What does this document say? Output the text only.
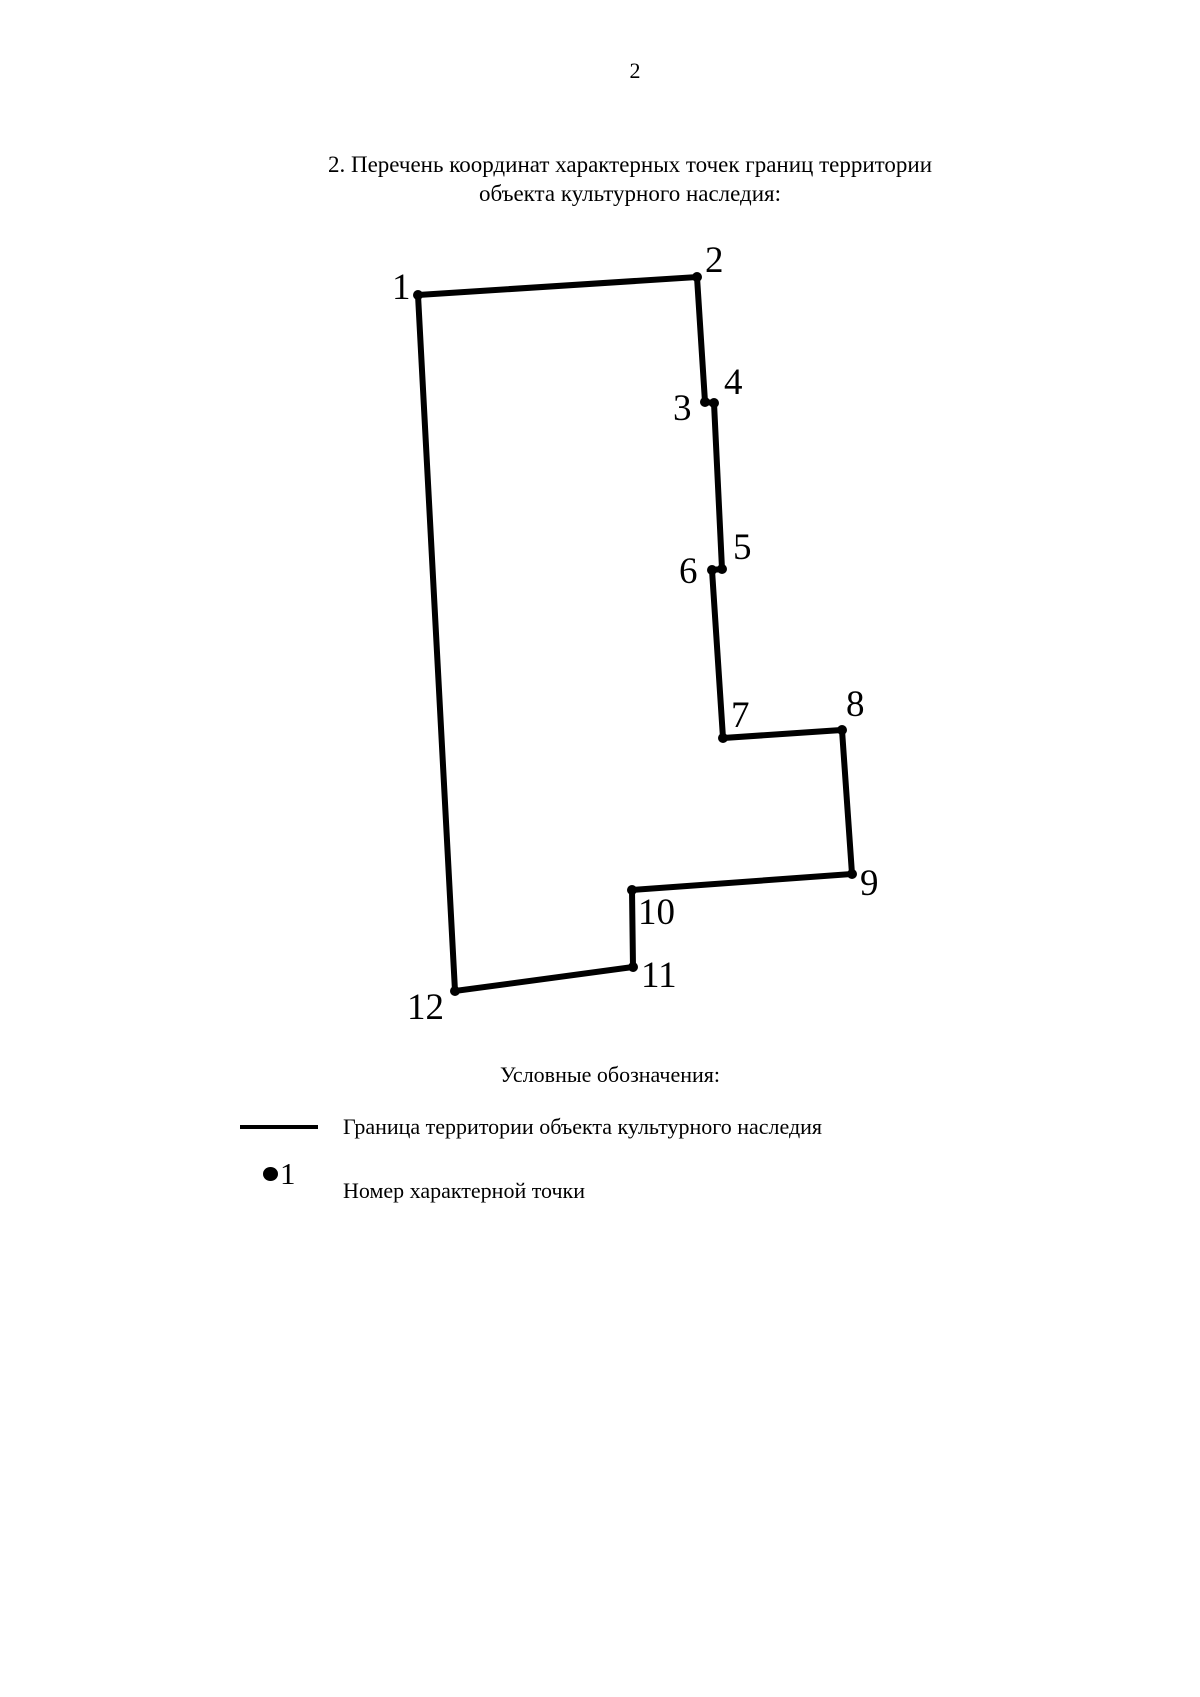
2
2. Перечень координат характерных точек границ территории
объекта культурного наследия:
1
2
3
4
5
6
7	8
9
10
11
12
Условные обозначения:
Граница территории объекта культурного наследия
1 Номер характерной точки
